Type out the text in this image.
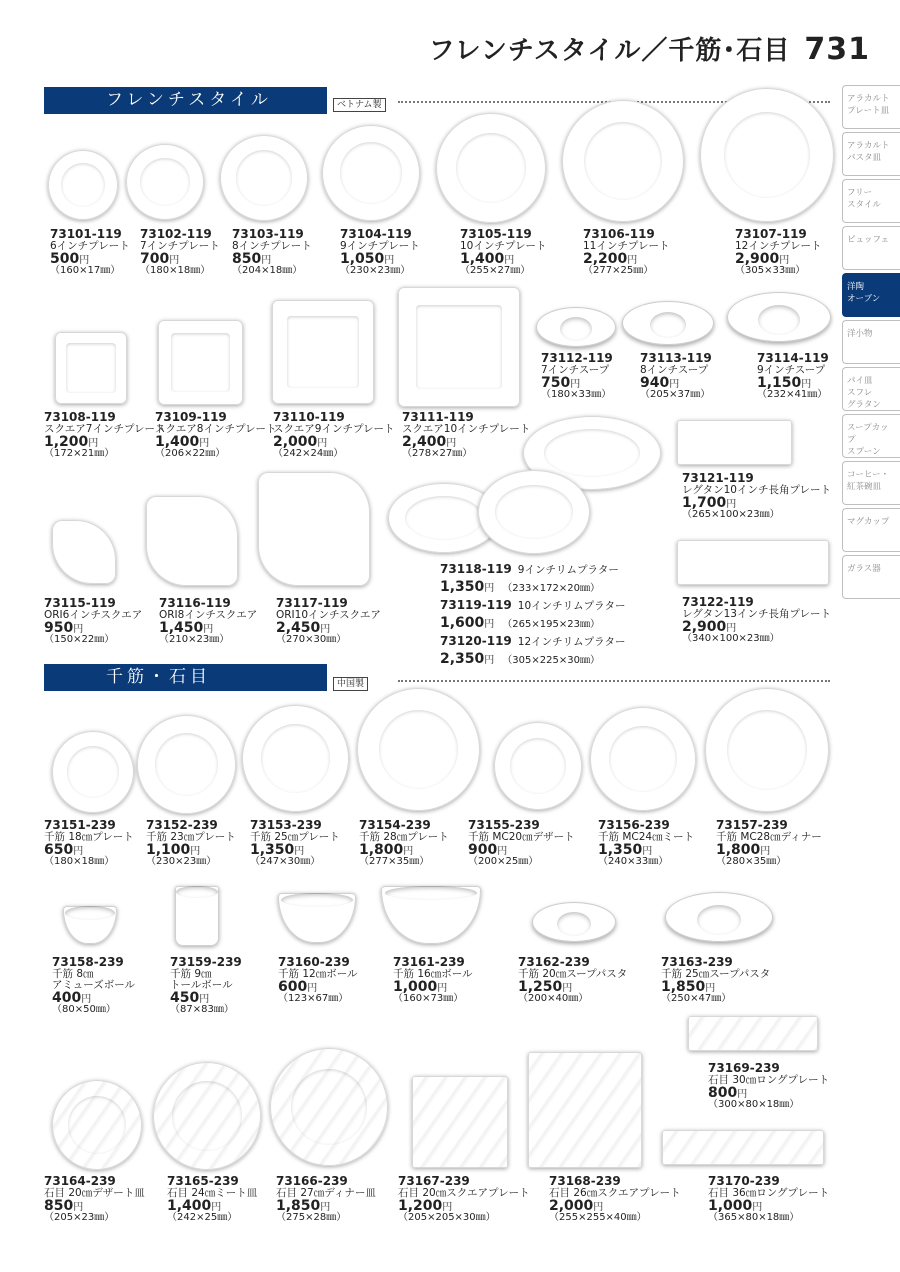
フレンチスタイル／千筋･石目 731
フレンチスタイル	ベトナム製
千筋・石目	中国製
アラカルト
プレート皿
アラカルト
パスタ皿
フリー
スタイル
ビュッフェ
洋陶
オーブン
洋小物
パイ皿
スフレ
グラタン
スープカップ
スプーン
コーヒー・
紅茶碗皿
マグカップ
ガラス器
73101-119
6インチプレート
500円
（160×17㎜）
73102-119
7インチプレート
700円
（180×18㎜）
73103-119
8インチプレート
850円
（204×18㎜）
73104-119
9インチプレート
1,050円
（230×23㎜）
73105-119
10インチプレート
1,400円
（255×27㎜）
73106-119
11インチプレート
2,200円
（277×25㎜）
73107-119
12インチプレート
2,900円
（305×33㎜）
73108-119
スクエア7インチプレート
1,200円
（172×21㎜）
73109-119
スクエア8インチプレート
1,400円
（206×22㎜）
73110-119
スクエア9インチプレート
2,000円
（242×24㎜）
73111-119
スクエア10インチプレート
2,400円
（278×27㎜）
73112-119
7インチスープ
750円
（180×33㎜）
73113-119
8インチスープ
940円
（205×37㎜）
73114-119
9インチスープ
1,150円
（232×41㎜）
73121-119
レグタン10インチ長角プレート
1,700円
（265×100×23㎜）
73115-119
ORI6インチスクエア
950円
（150×22㎜）
73116-119
ORI8インチスクエア
1,450円
（210×23㎜）
73117-119
ORI10インチスクエア
2,450円
（270×30㎜）
73118-119 9インチリムプラター
1,350円 （233×172×20㎜）
73119-119 10インチリムプラター
1,600円 （265×195×23㎜）
73120-119 12インチリムプラター
2,350円 （305×225×30㎜）
73122-119
レグタン13インチ長角プレート
2,900円
（340×100×23㎜）
73151-239
千筋 18㎝プレート
650円
（180×18㎜）
73152-239
千筋 23㎝プレート
1,100円
（230×23㎜）
73153-239
千筋 25㎝プレート
1,350円
（247×30㎜）
73154-239
千筋 28㎝プレート
1,800円
（277×35㎜）
73155-239
千筋 MC20㎝デザート
900円
（200×25㎜）
73156-239
千筋 MC24㎝ミート
1,350円
（240×33㎜）
73157-239
千筋 MC28㎝ディナー
1,800円
（280×35㎜）
73158-239
千筋 8㎝
アミューズボール
400円
（80×50㎜）
73159-239
千筋 9㎝
トールボール
450円
（87×83㎜）
73160-239
千筋 12㎝ボール
600円
（123×67㎜）
73161-239
千筋 16㎝ボール
1,000円
（160×73㎜）
73162-239
千筋 20㎝スープパスタ
1,250円
（200×40㎜）
73163-239
千筋 25㎝スープパスタ
1,850円
（250×47㎜）
73169-239
石目 30㎝ロングプレート
800円
（300×80×18㎜）
73164-239
石目 20㎝デザート皿
850円
（205×23㎜）
73165-239
石目 24㎝ミート皿
1,400円
（242×25㎜）
73166-239
石目 27㎝ディナー皿
1,850円
（275×28㎜）
73167-239
石目 20㎝スクエアプレート
1,200円
（205×205×30㎜）
73168-239
石目 26㎝スクエアプレート
2,000円
（255×255×40㎜）
73170-239
石目 36㎝ロングプレート
1,000円
（365×80×18㎜）
